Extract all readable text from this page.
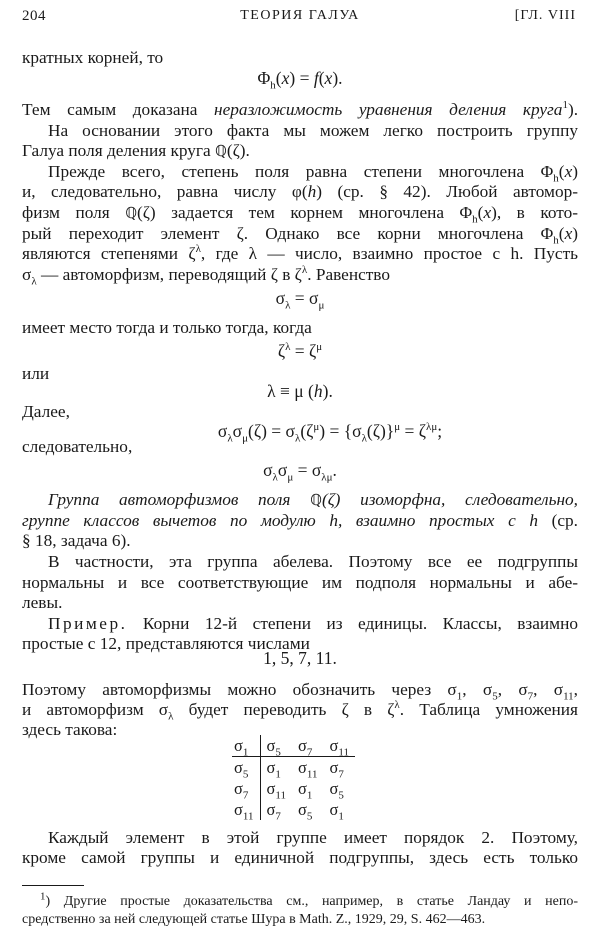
204	ТЕОРИЯ ГАЛУА	[ГЛ. VIII
кратных корней, то
$\Phi_h(x) = f(x)$.
Тем самым доказана неразложимость уравнения деления круга$^1$).
На основании этого факта мы можем легко построить группу
Галуа поля деления круга ℚ(ζ).
Прежде всего, степень поля равна степени многочлена $\Phi_h(x)$
и, следовательно, равна числу φ(h) (ср. § 42). Любой автомор-
физм поля ℚ(ζ) задается тем корнем многочлена $\Phi_h(x)$, в кото-
рый переходит элемент ζ. Однако все корни многочлена $\Phi_h(x)$
являются степенями $\zeta^\lambda$, где λ — число, взаимно простое с h. Пусть
$\sigma_\lambda$ — автоморфизм, переводящий ζ в $\zeta^\lambda$. Равенство
$\sigma_\lambda = \sigma_\mu$
имеет место тогда и только тогда, когда
$\zeta^\lambda = \zeta^\mu$
или
λ ≡ μ (h).
Далее,
$\sigma_\lambda\sigma_\mu(\zeta) = \sigma_\lambda(\zeta^\mu) = \{\sigma_\lambda(\zeta)\}^\mu = \zeta^{\lambda\mu}$;
следовательно,
$\sigma_\lambda\sigma_\mu = \sigma_{\lambda\mu}$.
Группа автоморфизмов поля ℚ(ζ) изоморфна, следовательно,
группе классов вычетов по модулю h, взаимно простых с h (ср.
§ 18, задача 6).
В частности, эта группа абелева. Поэтому все ее подгруппы
нормальны и все соответствующие им подполя нормальны и абе-
левы.
Пример. Корни 12-й степени из единицы. Классы, взаимно
простые с 12, представляются числами
1, 5, 7, 11.
Поэтому автоморфизмы можно обозначить через $\sigma_1$, $\sigma_5$, $\sigma_7$, $\sigma_{11}$,
и автоморфизм $\sigma_\lambda$ будет переводить ζ в $\zeta^\lambda$. Таблица умножения
здесь такова:
$\sigma_1$	$\sigma_5$	$\sigma_7$	$\sigma_{11}$
$\sigma_5$	$\sigma_1$	$\sigma_{11}$	$\sigma_7$
$\sigma_7$	$\sigma_{11}$	$\sigma_1$	$\sigma_5$
$\sigma_{11}$	$\sigma_7$	$\sigma_5$	$\sigma_1$
Каждый элемент в этой группе имеет порядок 2. Поэтому,
кроме самой группы и единичной подгруппы, здесь есть только
$^1$) Другие простые доказательства см., например, в статье Ландау и непо-
средственно за ней следующей статье Шура в Math. Z., 1929, 29, S. 462—463.
